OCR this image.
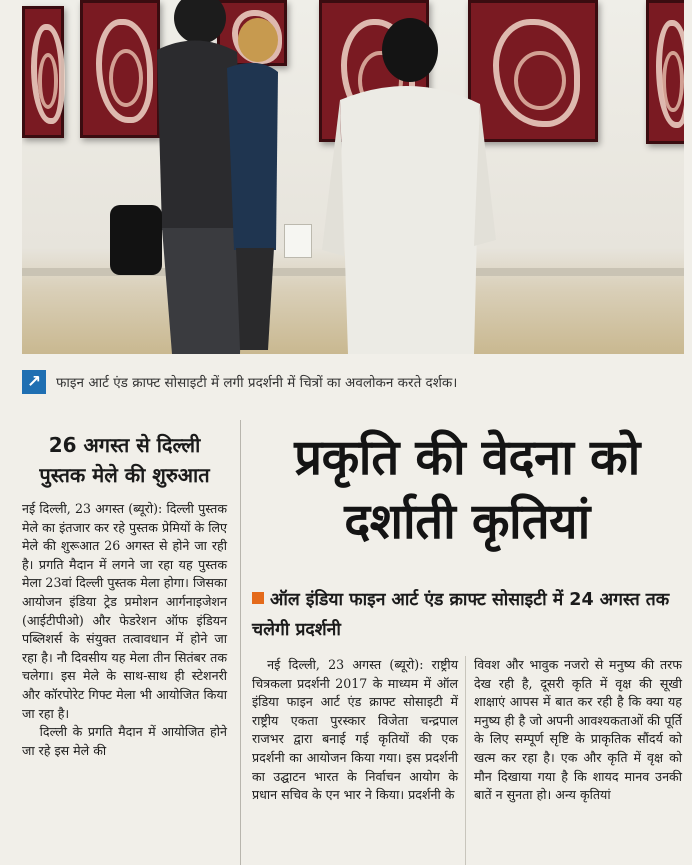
↗	फाइन आर्ट एंड क्राफ्ट सोसाइटी में लगी प्रदर्शनी में चित्रों का अवलोकन करते दर्शक।
26 अगस्त से दिल्ली
पुस्तक मेले की शुरुआत

नई दिल्ली, 23 अगस्त (ब्यूरो): दिल्ली पुस्तक मेले का इंतजार कर रहे पुस्तक प्रेमियों के लिए मेले की शुरूआत 26 अगस्त से होने जा रही है। प्रगति मैदान में लगने जा रहा यह पुस्तक मेला 23वां दिल्ली पुस्तक मेला होगा। जिसका आयोजन इंडिया ट्रेड प्रमोशन आर्गनाइजेशन (आईटीपीओ) और फेडरेशन ऑफ इंडियन पब्लिशर्स के संयुक्त तत्वावधान में होने जा रहा है। नौ दिवसीय यह मेला तीन सितंबर तक चलेगा। इस मेले के साथ-साथ ही स्टेशनरी और कॉरपोरेट गिफ्ट मेला भी आयोजित किया जा रहा है।

दिल्ली के प्रगति मैदान में आयोजित होने जा रहे इस मेले की

प्रकृति की वेदना को
दर्शाती कृतियां

ऑल इंडिया फाइन आर्ट एंड क्राफ्ट सोसाइटी में 24 अगस्त तक चलेगी प्रदर्शनी

नई दिल्ली, 23 अगस्त (ब्यूरो): राष्ट्रीय चित्रकला प्रदर्शनी 2017 के माध्यम में ऑल इंडिया फाइन आर्ट एंड क्राफ्ट सोसाइटी में राष्ट्रीय एकता पुरस्कार विजेता चन्द्रपाल राजभर द्वारा बनाई गई कृतियों की एक प्रदर्शनी का आयोजन किया गया। इस प्रदर्शनी का उद्घाटन भारत के निर्वाचन आयोग के प्रधान सचिव के एन भार ने किया। प्रदर्शनी के

विवश और भावुक नजरो से मनुष्य की तरफ देख रही है, दूसरी कृति में वृक्ष की सूखी शाक्षाएं आपस में बात कर रही है कि क्या यह मनुष्य ही है जो अपनी आवश्यकताओं की पूर्ति के लिए सम्पूर्ण सृष्टि के प्राकृतिक सौंदर्य को खत्म कर रहा है। एक और कृति में वृक्ष को मौन दिखाया गया है कि शायद मानव उनकी बातें न सुनता हो। अन्य कृतियां
